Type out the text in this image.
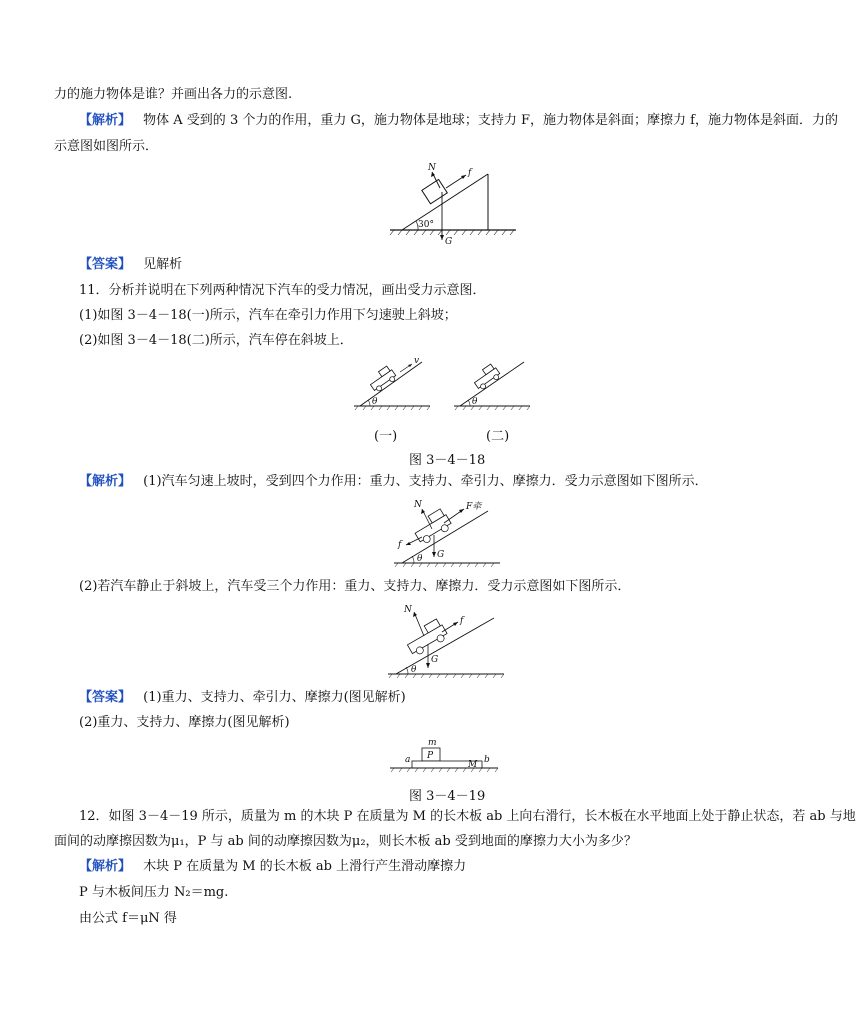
力的施力物体是谁？并画出各力的示意图.
【解析】 物体 A 受到的 3 个力的作用，重力 G，施力物体是地球；支持力 F，施力物体是斜面；摩擦力 f，施力物体是斜面．力的
示意图如图所示．
N	f
G
30°
【答案】 见解析
11．分析并说明在下列两种情况下汽车的受力情况，画出受力示意图．
(1)如图 3－4－18(一)所示，汽车在牵引力作用下匀速驶上斜坡；
(2)如图 3－4－18(二)所示，汽车停在斜坡上．
v
θ	θ
(一)	(二)
图 3－4－18
【解析】 (1)汽车匀速上坡时，受到四个力作用：重力、支持力、牵引力、摩擦力．受力示意图如下图所示．
N	F牵
f
G
θ
(2)若汽车静止于斜坡上，汽车受三个力作用：重力、支持力、摩擦力．受力示意图如下图所示．
N
f
G
θ
【答案】 (1)重力、支持力、牵引力、摩擦力(图见解析)
(2)重力、支持力、摩擦力(图见解析)
m
P
M
a	b
图 3－4－19
12．如图 3－4－19 所示，质量为 m 的木块 P 在质量为 M 的长木板 ab 上向右滑行，长木板在水平地面上处于静止状态，若 ab 与地
面间的动摩擦因数为μ₁，P 与 ab 间的动摩擦因数为μ₂，则长木板 ab 受到地面的摩擦力大小为多少？
【解析】 木块 P 在质量为 M 的长木板 ab 上滑行产生滑动摩擦力
P 与木板间压力 N₂＝mg.
由公式 f＝μN 得
